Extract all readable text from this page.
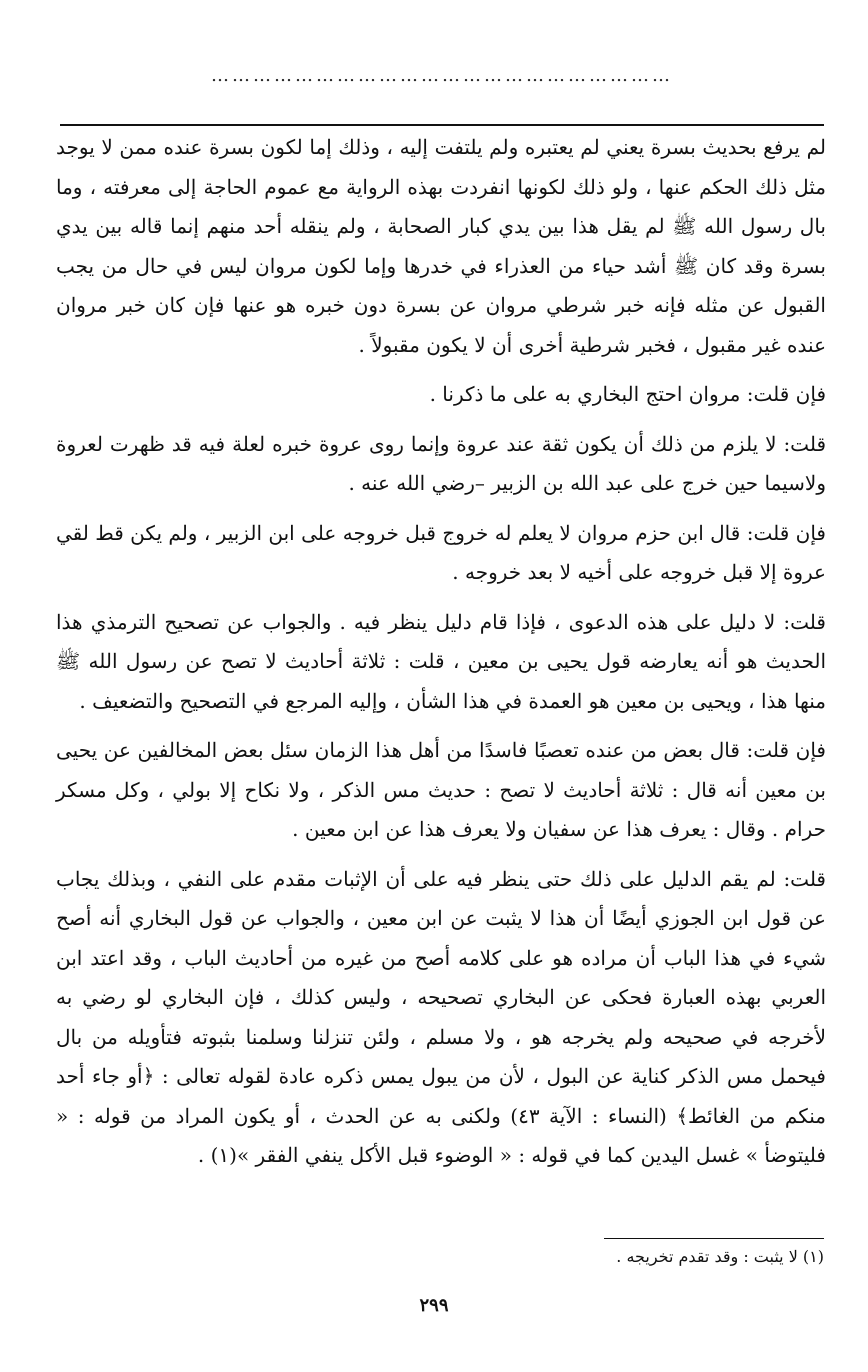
…………………………………………………………

لم يرفع بحديث بسرة يعني لم يعتبره ولم يلتفت إليه ، وذلك إما لكون بسرة عنده ممن لا يوجد مثل ذلك الحكم عنها ، ولو ذلك لكونها انفردت بهذه الرواية مع عموم الحاجة إلى معرفته ، وما بال رسول الله ﷺ لم يقل هذا بين يدي كبار الصحابة ، ولم ينقله أحد منهم إنما قاله بين يدي بسرة وقد كان ﷺ أشد حياء من العذراء في خدرها وإما لكون مروان ليس في حال من يجب القبول عن مثله فإنه خبر شرطي مروان عن بسرة دون خبره هو عنها فإن كان خبر مروان عنده غير مقبول ، فخبر شرطية أخرى أن لا يكون مقبولاً .

فإن قلت: مروان احتج البخاري به على ما ذكرنا .

قلت: لا يلزم من ذلك أن يكون ثقة عند عروة وإنما روى عروة خبره لعلة فيه قد ظهرت لعروة ولاسيما حين خرج على عبد الله بن الزبير –رضي الله عنه .

فإن قلت: قال ابن حزم مروان لا يعلم له خروج قبل خروجه على ابن الزبير ، ولم يكن قط لقي عروة إلا قبل خروجه على أخيه لا بعد خروجه .

قلت: لا دليل على هذه الدعوى ، فإذا قام دليل ينظر فيه . والجواب عن تصحيح الترمذي هذا الحديث هو أنه يعارضه قول يحيى بن معين ، قلت : ثلاثة أحاديث لا تصح عن رسول الله ﷺ منها هذا ، ويحيى بن معين هو العمدة في هذا الشأن ، وإليه المرجع في التصحيح والتضعيف .

فإن قلت: قال بعض من عنده تعصبًا فاسدًا من أهل هذا الزمان سئل بعض المخالفين عن يحيى بن معين أنه قال : ثلاثة أحاديث لا تصح : حديث مس الذكر ، ولا نكاح إلا بولي ، وكل مسكر حرام . وقال : يعرف هذا عن سفيان ولا يعرف هذا عن ابن معين .

قلت: لم يقم الدليل على ذلك حتى ينظر فيه على أن الإثبات مقدم على النفي ، وبذلك يجاب عن قول ابن الجوزي أيضًا أن هذا لا يثبت عن ابن معين ، والجواب عن قول البخاري أنه أصح شيء في هذا الباب أن مراده هو على كلامه أصح من غيره من أحاديث الباب ، وقد اعتد ابن العربي بهذه العبارة فحكى عن البخاري تصحيحه ، وليس كذلك ، فإن البخاري لو رضي به لأخرجه في صحيحه ولم يخرجه هو ، ولا مسلم ، ولئن تنزلنا وسلمنا بثبوته فتأويله من بال فيحمل مس الذكر كناية عن البول ، لأن من يبول يمس ذكره عادة لقوله تعالى : ﴿أو جاء أحد منكم من الغائط﴾ (النساء : الآية ٤٣) ولكنى به عن الحدث ، أو يكون المراد من قوله : « فليتوضأ » غسل اليدين كما في قوله : « الوضوء قبل الأكل ينفي الفقر »(١) .

(١) لا يثبت : وقد تقدم تخريجه .
٢٩٩
